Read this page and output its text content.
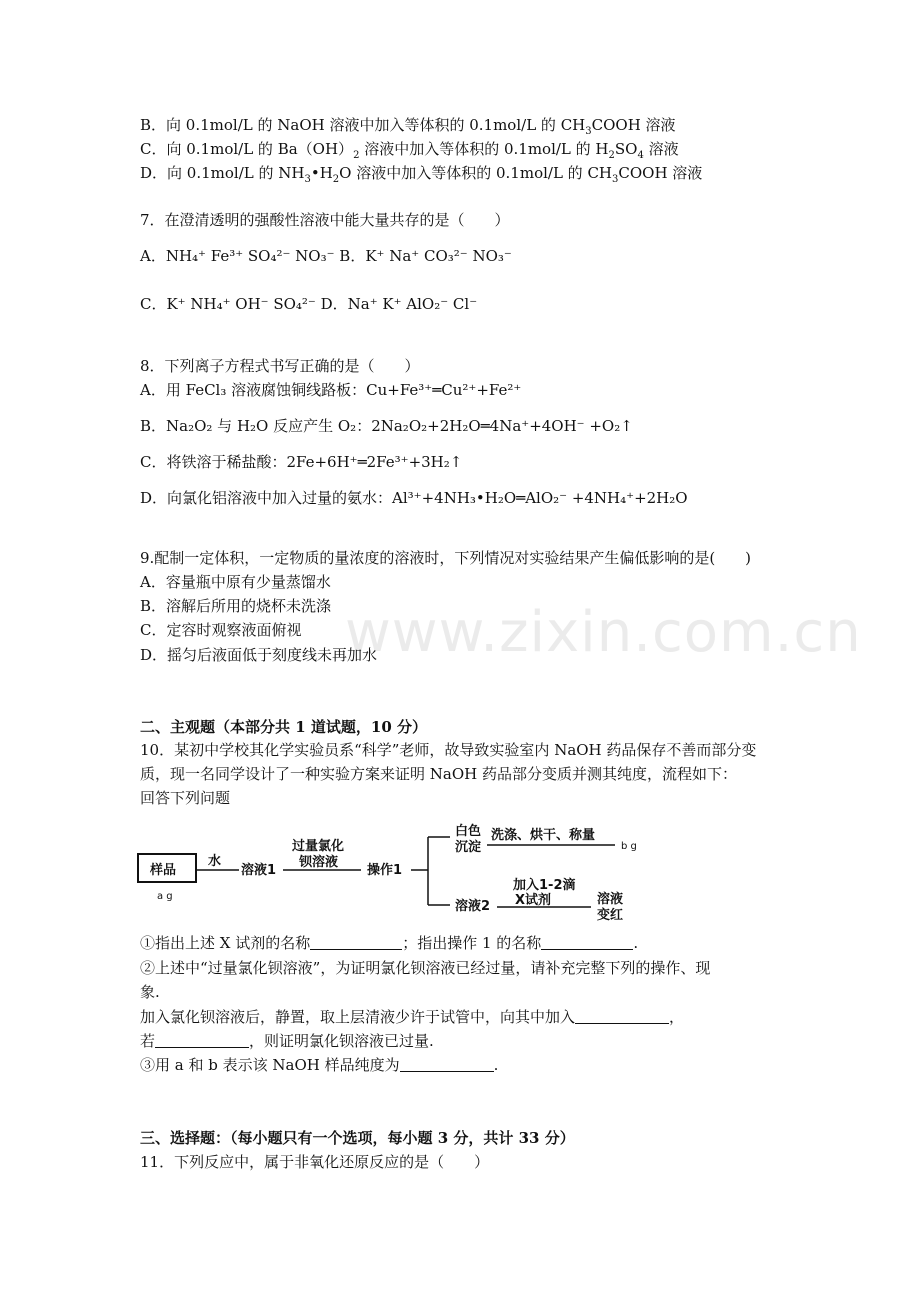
www.zixin.com.cn
B．向 0.1mol/L 的 NaOH 溶液中加入等体积的 0.1mol/L 的 $CH_3COOH$ 溶液
C．向 0.1mol/L 的 $Ba(OH)_2$ 溶液中加入等体积的 0.1mol/L 的 $H_2SO_4$ 溶液
D．向 0.1mol/L 的 $NH_3•H_2O$ 溶液中加入等体积的 0.1mol/L 的 $CH_3COOH$ 溶液
7．在澄清透明的强酸性溶液中能大量共存的是（　　）
A．NH₄⁺ Fe³⁺ SO₄²⁻ NO₃⁻ B．K⁺ Na⁺ CO₃²⁻ NO₃⁻
C．K⁺ NH₄⁺ OH⁻ SO₄²⁻ D．Na⁺ K⁺ AlO₂⁻ Cl⁻
8．下列离子方程式书写正确的是（　　）
A．用 FeCl₃ 溶液腐蚀铜线路板：Cu+Fe³⁺═Cu²⁺+Fe²⁺
B．Na₂O₂ 与 H₂O 反应产生 O₂：2Na₂O₂+2H₂O═4Na⁺+4OH⁻ +O₂↑
C．将铁溶于稀盐酸：2Fe+6H⁺═2Fe³⁺+3H₂↑
D．向氯化铝溶液中加入过量的氨水：Al³⁺+4NH₃•H₂O═AlO₂⁻ +4NH₄⁺+2H₂O
9.配制一定体积，一定物质的量浓度的溶液时，下列情况对实验结果产生偏低影响的是(　　)
A．容量瓶中原有少量蒸馏水
B．溶解后所用的烧杯未洗涤
C．定容时观察液面俯视
D．摇匀后液面低于刻度线未再加水
二、主观题（本部分共 1 道试题，10 分）
10．某初中学校其化学实验员系“科学”老师，故导致实验室内 NaOH 药品保存不善而部分变
质，现一名同学设计了一种实验方案来证明 NaOH 药品部分变质并测其纯度，流程如下：
回答下列问题
样品
a g
水
溶液1
过量氯化
钡溶液
操作1
白色
沉淀
洗涤、烘干、称量
b g
溶液2
加入1-2滴
X试剂	溶液
变红
①指出上述 X 试剂的名称	；指出操作 1 的名称	.
②上述中“过量氯化钡溶液”，为证明氯化钡溶液已经过量，请补充完整下列的操作、现
象.
加入氯化钡溶液后，静置，取上层清液少许于试管中，向其中加入	，
若	，则证明氯化钡溶液已过量.
③用 a 和 b 表示该 NaOH 样品纯度为	.
三、选择题：（每小题只有一个选项，每小题 3 分，共计 33 分）
11．下列反应中，属于非氧化还原反应的是（　　）
